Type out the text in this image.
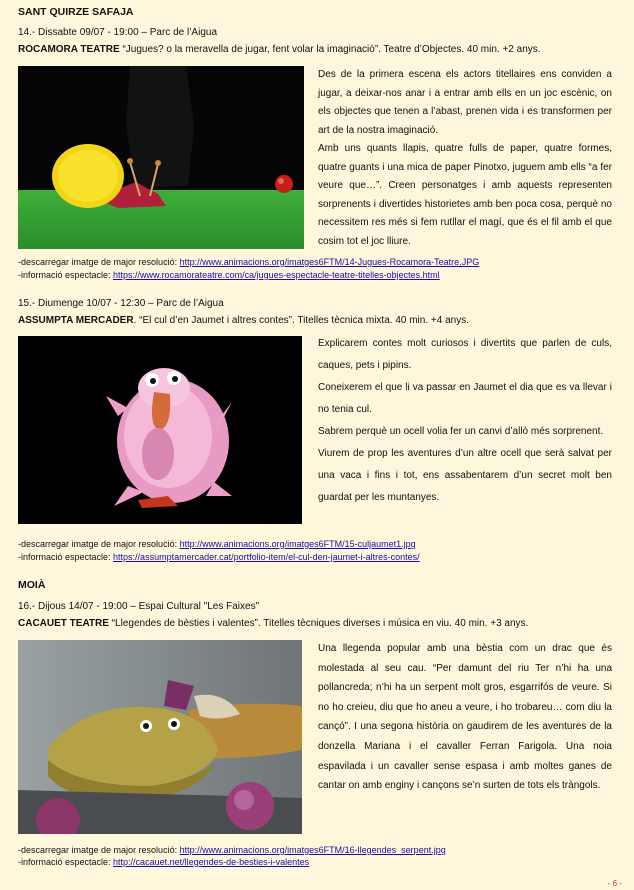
SANT QUIRZE SAFAJA
14.- Dissabte 09/07 - 19:00 – Parc de l’Aigua
ROCAMORA TEATRE “Jugues? o la meravella de jugar, fent volar la imaginació”. Teatre d’Objectes. 40 min. +2 anys.

Des de la primera escena els actors titellaires ens conviden a jugar, a deixar-nos anar i a entrar amb ells en un joc escènic, on els objectes que tenen a l’abast, prenen vida i es transformen per art de la nostra imaginació.

Amb uns quants llapis, quatre fulls de paper, quatre formes, quatre guants i una mica de paper Pinotxo, juguem amb ells “a fer veure que…”. Creen personatges i amb aquests representen sorprenents i divertides historietes amb ben poca cosa, perquè no necessitem res més si fem rutllar el magí, que és el fil amb el que cosim tot el joc lliure.

-descarregar imatge de major resolució: http://www.animacions.org/imatges6FTM/14-Jugues-Rocamora-Teatre.JPG
-informació espectacle: https://www.rocamorateatre.com/ca/jugues-espectacle-teatre-titelles-objectes.html
15.- Diumenge 10/07 - 12:30 – Parc de l’Aigua
ASSUMPTA MERCADER. “El cul d’en Jaumet i altres contes”. Titelles tècnica mixta. 40 min. +4 anys.

Explicarem contes molt curiosos i divertits que parlen de culs, caques, pets i pipins.

Coneixerem el que li va passar en Jaumet el dia que es va llevar i no tenia cul.

Sabrem perquè un ocell volia fer un canvi d’allò més sorprenent.

Viurem de prop les aventures d’un altre ocell que serà salvat per una vaca i fins i tot, ens assabentarem d’un secret molt ben guardat per les muntanyes.

-descarregar imatge de major resolució: http://www.animacions.org/imatges6FTM/15-culjaumet1.jpg
-informació espectacle: https://assumptamercader.cat/portfolio-item/el-cul-den-jaumet-i-altres-contes/
MOIÀ
16.- Dijous 14/07 - 19:00 – Espai Cultural "Les Faixes"
CACAUET TEATRE “Llegendes de bèsties i valentes”. Titelles tècniques diverses i música en viu. 40 min. +3 anys.

Una llegenda popular amb una bèstia com un drac que és molestada al seu cau. “Per damunt del riu Ter n’hi ha una pollancreda; n’hi ha un serpent molt gros, esgarrifós de veure. Si no ho creieu, diu que ho aneu a veure, i ho trobareu… com diu la cançó”. I una segona història on gaudirem de les aventures de la donzella Mariana i el cavaller Ferran Farigola. Una noia espavilada i un cavaller sense espasa i amb moltes ganes de cantar on amb enginy i cançons se’n surten de tots els tràngols.

-descarregar imatge de major resolució: http://www.animacions.org/imatges6FTM/16-llegendes_serpent.jpg
-informació espectacle: http://cacauet.net/llegendes-de-besties-i-valentes
- 6 -
